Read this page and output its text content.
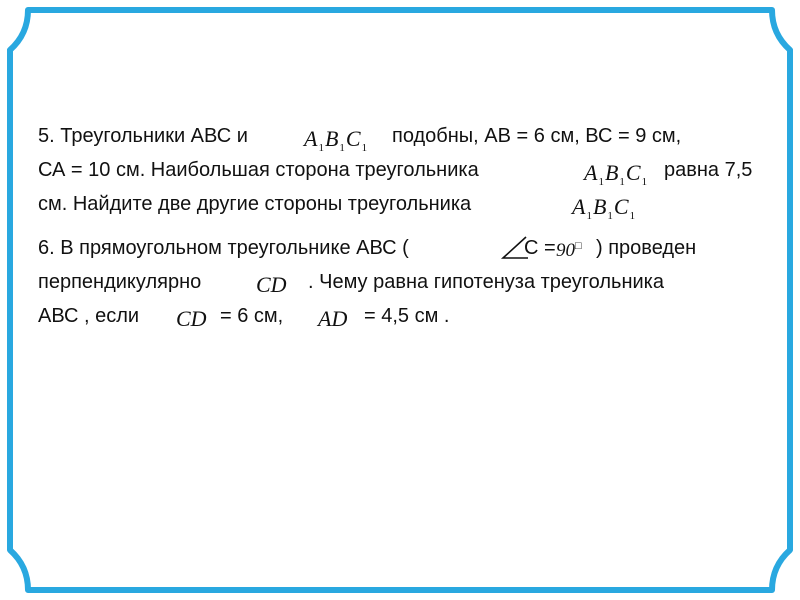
5. Треугольники АВС и	$A_1B_1C_1$
подобны, АВ = 6 см, ВС = 9 см,
СА = 10 см. Наибольшая сторона треугольника	$A_1B_1C_1$
равна 7,5
см. Найдите две другие стороны треугольника	$A_1B_1C_1$
6. В прямоугольном треугольнике АВС (	С = 90□ ) проведен
перпендикулярно CD . Чему равна гипотенуза треугольника
АВС , если CD = 6 см, AD = 4,5 см .
